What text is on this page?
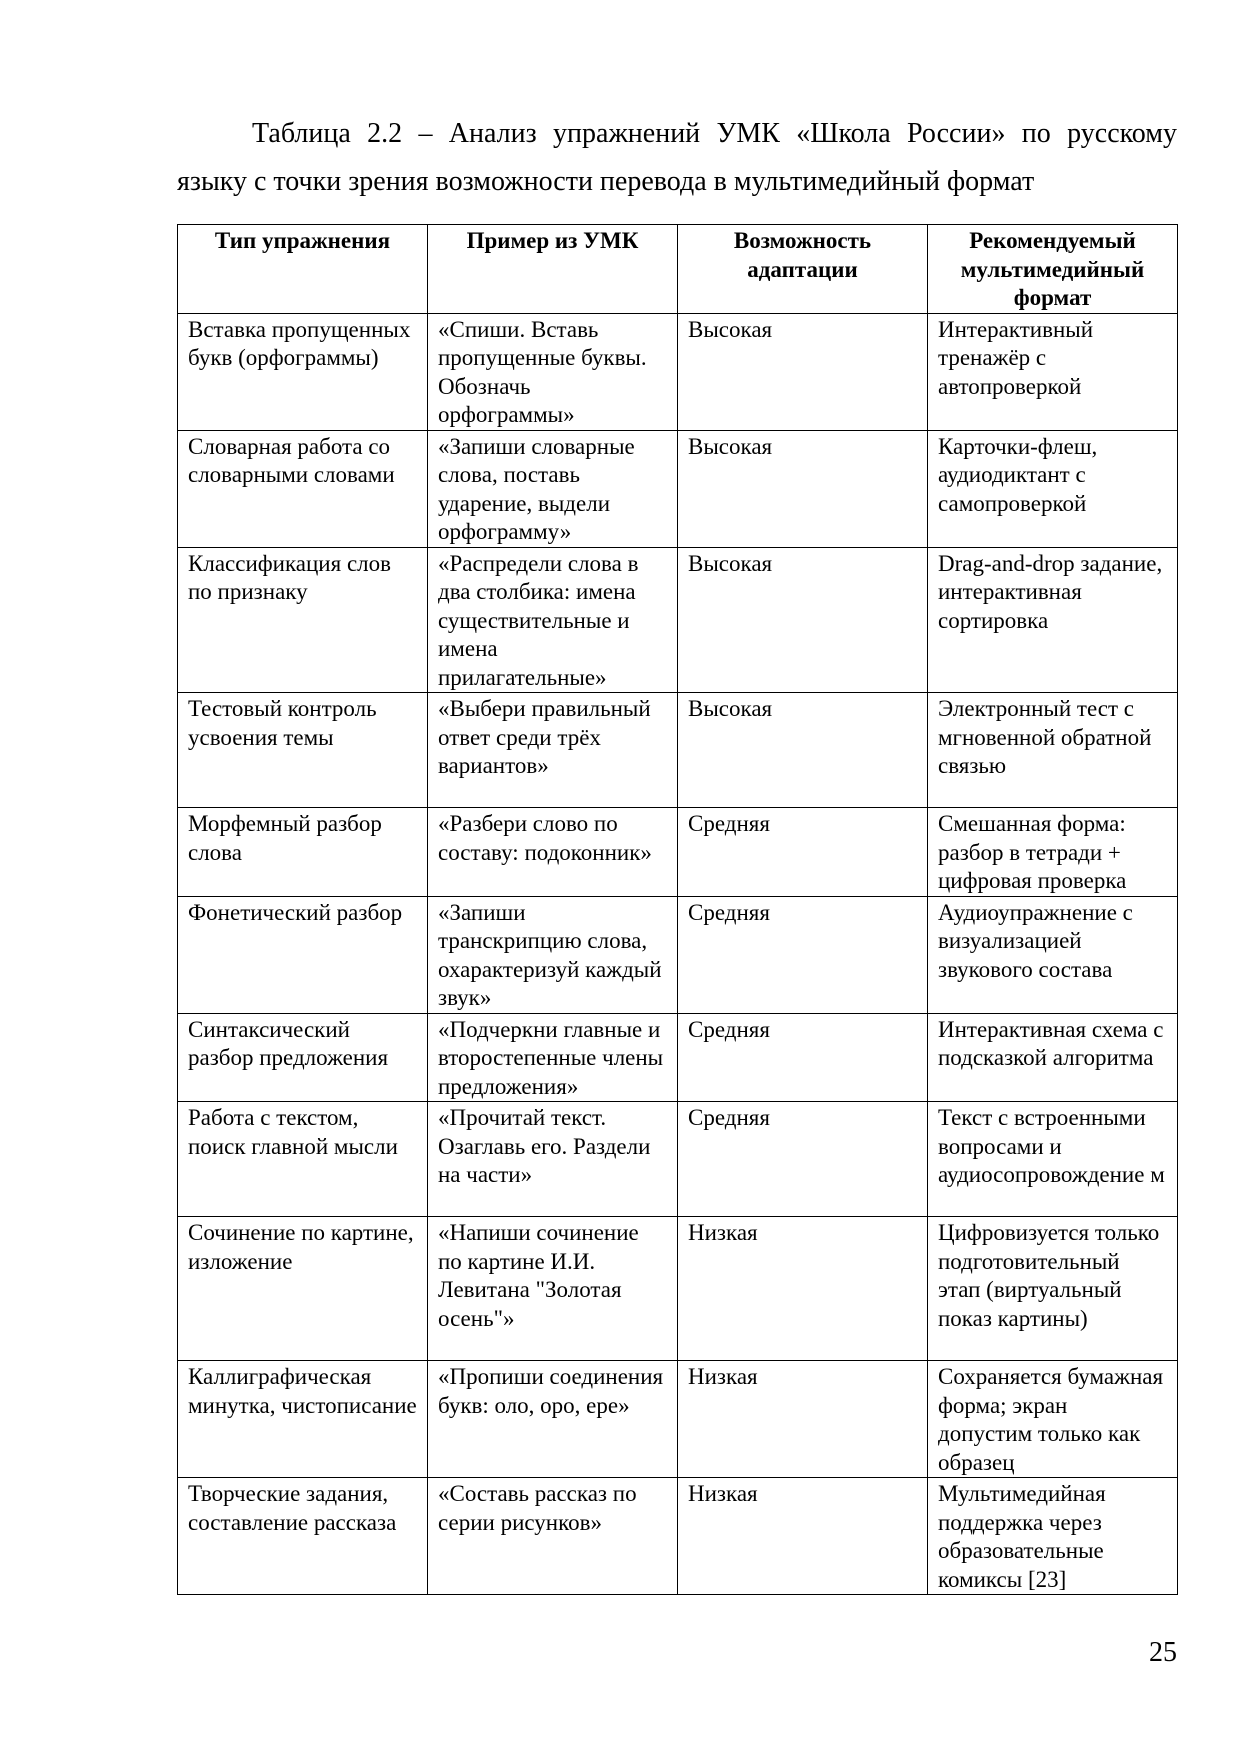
Таблица 2.2 – Анализ упражнений УМК «Школа России» по русскому
языку с точки зрения возможности перевода в мультимедийный формат
Тип упражнения	Пример из УМК	Возможность адаптации	Рекомендуемый мультимедийный формат
Вставка пропущенных букв (орфограммы)	«Спиши. Вставь пропущенные буквы. Обозначь орфограммы»	Высокая	Интерактивный тренажёр с автопроверкой
Словарная работа со словарными словами	«Запиши словарные слова, поставь ударение, выдели орфограмму»	Высокая	Карточки-флеш, аудиодиктант с самопроверкой
Классификация слов по признаку	«Распредели слова в два столбика: имена существительные и имена прилагательные»	Высокая	Drag-and-drop задание, интерактивная сортировка
Тестовый контроль усвоения темы	«Выбери правильный ответ среди трёх вариантов»	Высокая	Электронный тест с мгновенной обратной связью
Морфемный разбор слова	«Разбери слово по составу: подоконник»	Средняя	Смешанная форма: разбор в тетради + цифровая проверка
Фонетический разбор	«Запиши транскрипцию слова, охарактеризуй каждый звук»	Средняя	Аудиоупражнение с визуализацией звукового состава
Синтаксический разбор предложения	«Подчеркни главные и второстепенные члены предложения»	Средняя	Интерактивная схема с подсказкой алгоритма
Работа с текстом, поиск главной мысли	«Прочитай текст. Озаглавь его. Раздели на части»	Средняя	Текст с встроенными вопросами и аудиосопровождение м
Сочинение по картине, изложение	«Напиши сочинение по картине И.И. Левитана "Золотая осень"»	Низкая	Цифровизуется только подготовительный этап (виртуальный показ картины)
Каллиграфическая минутка, чистописание	«Пропиши соединения букв: оло, оро, ере»	Низкая	Сохраняется бумажная форма; экран допустим только как образец
Творческие задания, составление рассказа	«Составь рассказ по серии рисунков»	Низкая	Мультимедийная поддержка через образовательные комиксы [23]
25
